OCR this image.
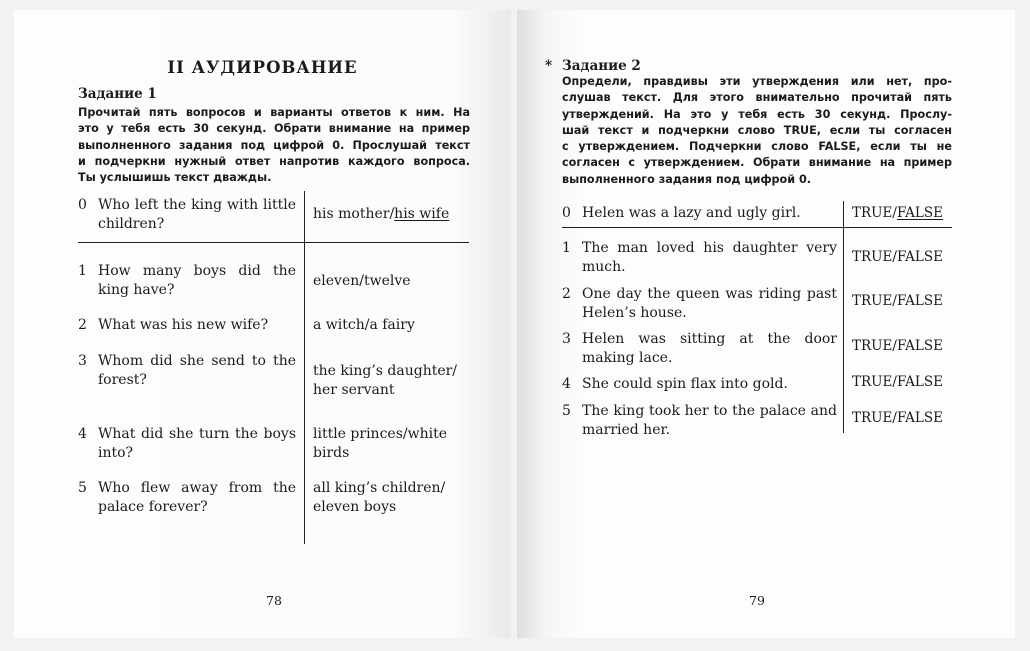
II АУДИРОВАНИЕ
Задание 1
Прочитай пять вопросов и варианты ответов к ним. На
это у тебя есть 30 секунд. Обрати внимание на пример
выполненного задания под цифрой 0. Прослушай текст
и подчеркни нужный ответ напротив каждого вопроса.
Ты услышишь текст дважды.
0 Who left the king with little children?
his mother/his wife
1 How many boys did the king have?
eleven/twelve
2 What was his new wife?	a witch/a fairy
3 Whom did she send to the forest?
the king’s daughter/ her servant
4 What did she turn the boys into?
little princes/white birds
5 Who flew away from the palace forever?
all king’s children/ eleven boys
78
* Задание 2
Определи, правдивы эти утверждения или нет, про-
слушав текст. Для этого внимательно прочитай пять
утверждений. На это у тебя есть 30 секунд. Прослу-
шай текст и подчеркни слово TRUE, если ты согласен
с утверждением. Подчеркни слово FALSE, если ты не
согласен с утверждением. Обрати внимание на пример
выполненного задания под цифрой 0.
0 Helen was a lazy and ugly girl.	TRUE/FALSE
1 The man loved his daughter very much.
TRUE/FALSE
2 One day the queen was riding past Helen’s house.
TRUE/FALSE
3 Helen was sitting at the door making lace.
TRUE/FALSE
4 She could spin flax into gold.	TRUE/FALSE
5 The king took her to the palace and married her.
TRUE/FALSE
79
